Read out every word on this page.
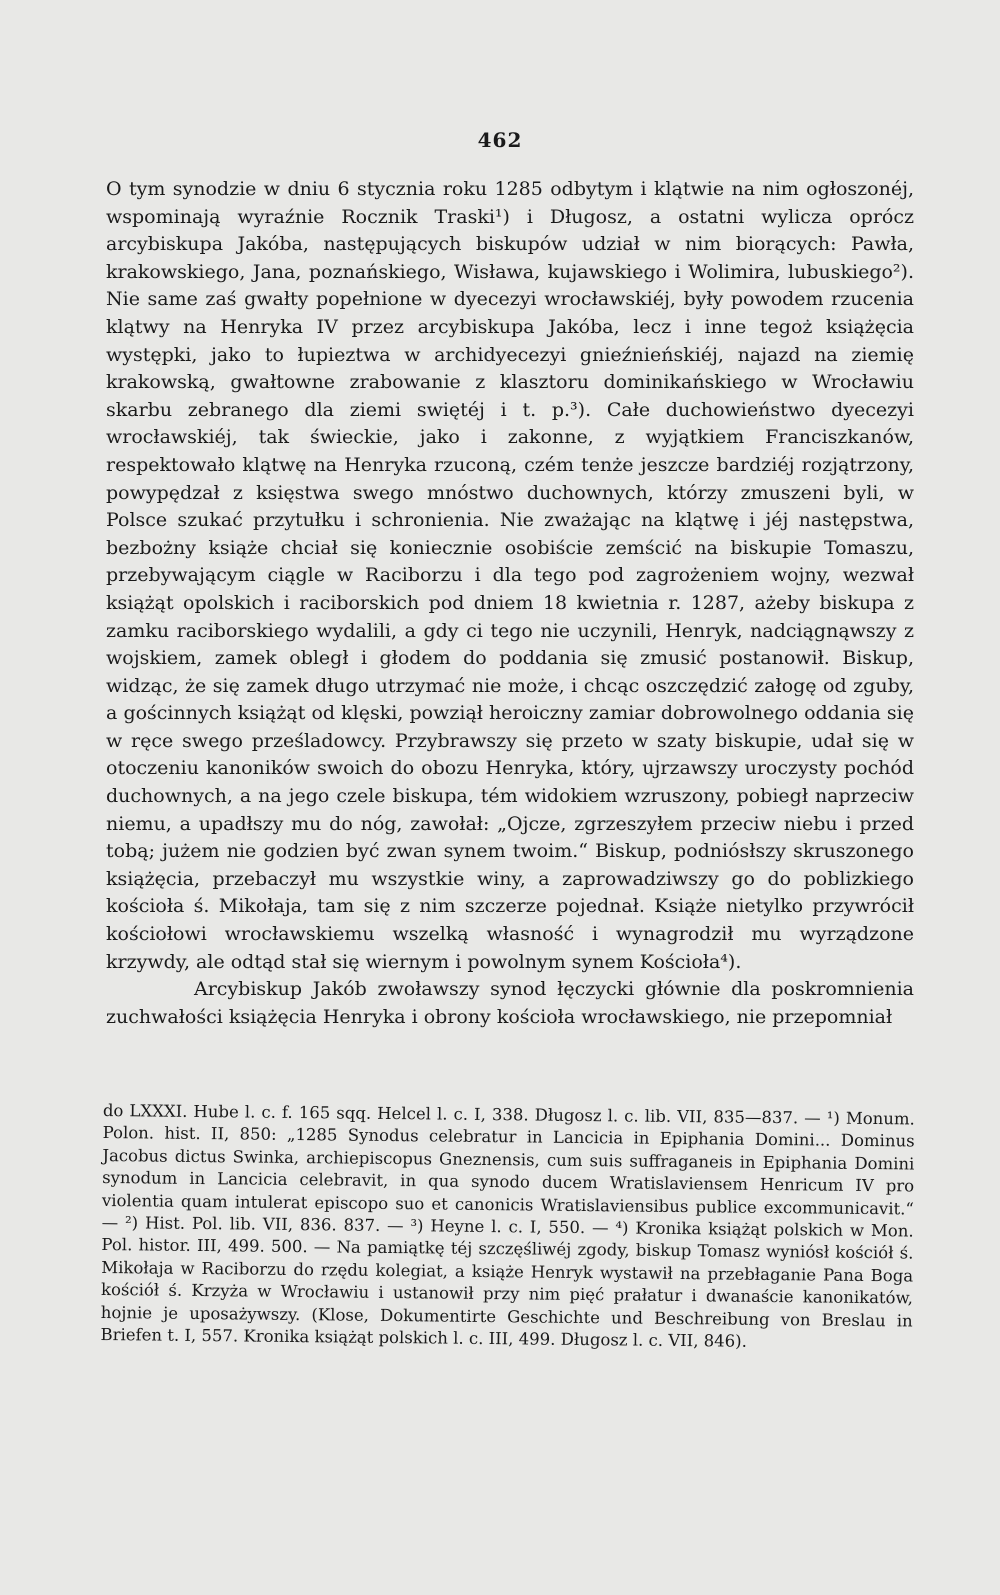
462

O tym synodzie w dniu 6 stycznia roku 1285 odbytym i klątwie na nim ogłoszonéj, wspominają wyraźnie Rocznik Traski¹) i Długosz, a ostatni wylicza oprócz arcybiskupa Jakóba, następujących biskupów udział w nim biorących: Pawła, krakowskiego, Jana, poznańskiego, Wisława, kujawskiego i Wolimira, lubuskiego²). Nie same zaś gwałty popełnione w dyecezyi wrocławskiéj, były powodem rzucenia klątwy na Henryka IV przez arcybiskupa Jakóba, lecz i inne tegoż książęcia występki, jako to łupieztwa w archidyecezyi gnieźnieńskiéj, najazd na ziemię krakowską, gwałtowne zrabowanie z klasztoru dominikańskiego w Wrocławiu skarbu zebranego dla ziemi swiętéj i t. p.³). Całe duchowieństwo dyecezyi wrocławskiéj, tak świeckie, jako i zakonne, z wyjątkiem Franciszkanów, respektowało klątwę na Henryka rzuconą, czém tenże jeszcze bardziéj rozjątrzony, powypędzał z księstwa swego mnóstwo duchownych, którzy zmuszeni byli, w Polsce szukać przytułku i schronienia. Nie zważając na klątwę i jéj następstwa, bezbożny książe chciał się koniecznie osobiście zemścić na biskupie Tomaszu, przebywającym ciągle w Raciborzu i dla tego pod zagrożeniem wojny, wezwał książąt opolskich i raciborskich pod dniem 18 kwietnia r. 1287, ażeby biskupa z zamku raciborskiego wydalili, a gdy ci tego nie uczynili, Henryk, nadciągnąwszy z wojskiem, zamek obległ i głodem do poddania się zmusić postanowił. Biskup, widząc, że się zamek długo utrzymać nie może, i chcąc oszczędzić załogę od zguby, a gościnnych książąt od klęski, powziął heroiczny zamiar dobrowolnego oddania się w ręce swego prześladowcy. Przybrawszy się przeto w szaty biskupie, udał się w otoczeniu kanoników swoich do obozu Henryka, który, ujrzawszy uroczysty pochód duchownych, a na jego czele biskupa, tém widokiem wzruszony, pobiegł naprzeciw niemu, a upadłszy mu do nóg, zawołał: „Ojcze, zgrzeszyłem przeciw niebu i przed tobą; jużem nie godzien być zwan synem twoim.“ Biskup, podniósłszy skruszonego książęcia, przebaczył mu wszystkie winy, a zaprowadziwszy go do poblizkiego kościoła ś. Mikołaja, tam się z nim szczerze pojednał. Książe nietylko przywrócił kościołowi wrocławskiemu wszelką własność i wynagrodził mu wyrządzone krzywdy, ale odtąd stał się wiernym i powolnym synem Kościoła⁴).

Arcybiskup Jakób zwoławszy synod łęczycki głównie dla poskromnienia zuchwałości książęcia Henryka i obrony kościoła wrocławskiego, nie przepomniał

do LXXXI. Hube l. c. f. 165 sqq. Helcel l. c. I, 338. Długosz l. c. lib. VII, 835—837. — ¹) Monum. Polon. hist. II, 850: „1285 Synodus celebratur in Lancicia in Epiphania Domini... Dominus Jacobus dictus Swinka, archiepiscopus Gneznensis, cum suis suffraganeis in Epiphania Domini synodum in Lancicia celebravit, in qua synodo ducem Wratislaviensem Henricum IV pro violentia quam intulerat episcopo suo et canonicis Wratislaviensibus publice excommunicavit.“ — ²) Hist. Pol. lib. VII, 836. 837. — ³) Heyne l. c. I, 550. — ⁴) Kronika książąt polskich w Mon. Pol. histor. III, 499. 500. — Na pamiątkę téj szczęśliwéj zgody, biskup Tomasz wyniósł kościół ś. Mikołaja w Raciborzu do rzędu kolegiat, a książe Henryk wystawił na przebłaganie Pana Boga kościół ś. Krzyża w Wrocławiu i ustanowił przy nim pięć prałatur i dwanaście kanonikatów, hojnie je uposażywszy. (Klose, Dokumentirte Geschichte und Beschreibung von Breslau in Briefen t. I, 557. Kronika książąt polskich l. c. III, 499. Długosz l. c. VII, 846).
